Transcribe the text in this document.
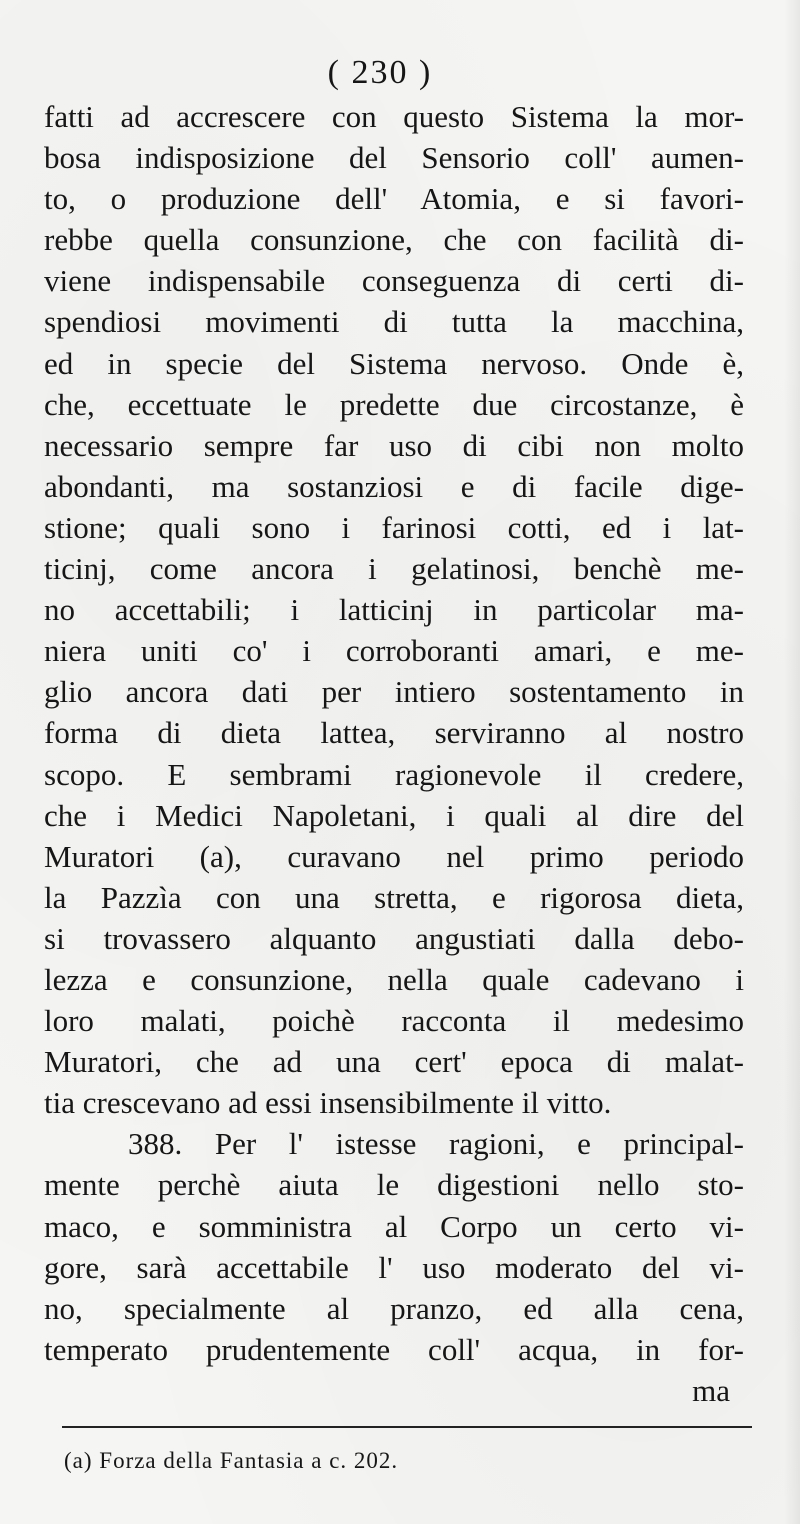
( 230 )
fatti ad accrescere con questo Sistema la mor-
bosa indisposizione del Sensorio coll' aumen-
to, o produzione dell' Atomia, e si favori-
rebbe quella consunzione, che con facilità di-
viene indispensabile conseguenza di certi di-
spendiosi movimenti di tutta la macchina,
ed in specie del Sistema nervoso. Onde è,
che, eccettuate le predette due circostanze, è
necessario sempre far uso di cibi non molto
abondanti, ma sostanziosi e di facile dige-
stione; quali sono i farinosi cotti, ed i lat-
ticinj, come ancora i gelatinosi, benchè me-
no accettabili; i latticinj in particolar ma-
niera uniti co' i corroboranti amari, e me-
glio ancora dati per intiero sostentamento in
forma di dieta lattea, serviranno al nostro
scopo. E sembrami ragionevole il credere,
che i Medici Napoletani, i quali al dire del
Muratori (a), curavano nel primo periodo
la Pazzìa con una stretta, e rigorosa dieta,
si trovassero alquanto angustiati dalla debo-
lezza e consunzione, nella quale cadevano i
loro malati, poichè racconta il medesimo
Muratori, che ad una cert' epoca di malat-
tia crescevano ad essi insensibilmente il vitto.
388. Per l' istesse ragioni, e principal-
mente perchè aiuta le digestioni nello sto-
maco, e somministra al Corpo un certo vi-
gore, sarà accettabile l' uso moderato del vi-
no, specialmente al pranzo, ed alla cena,
temperato prudentemente coll' acqua, in for-
ma
(a) Forza della Fantasia a c. 202.
